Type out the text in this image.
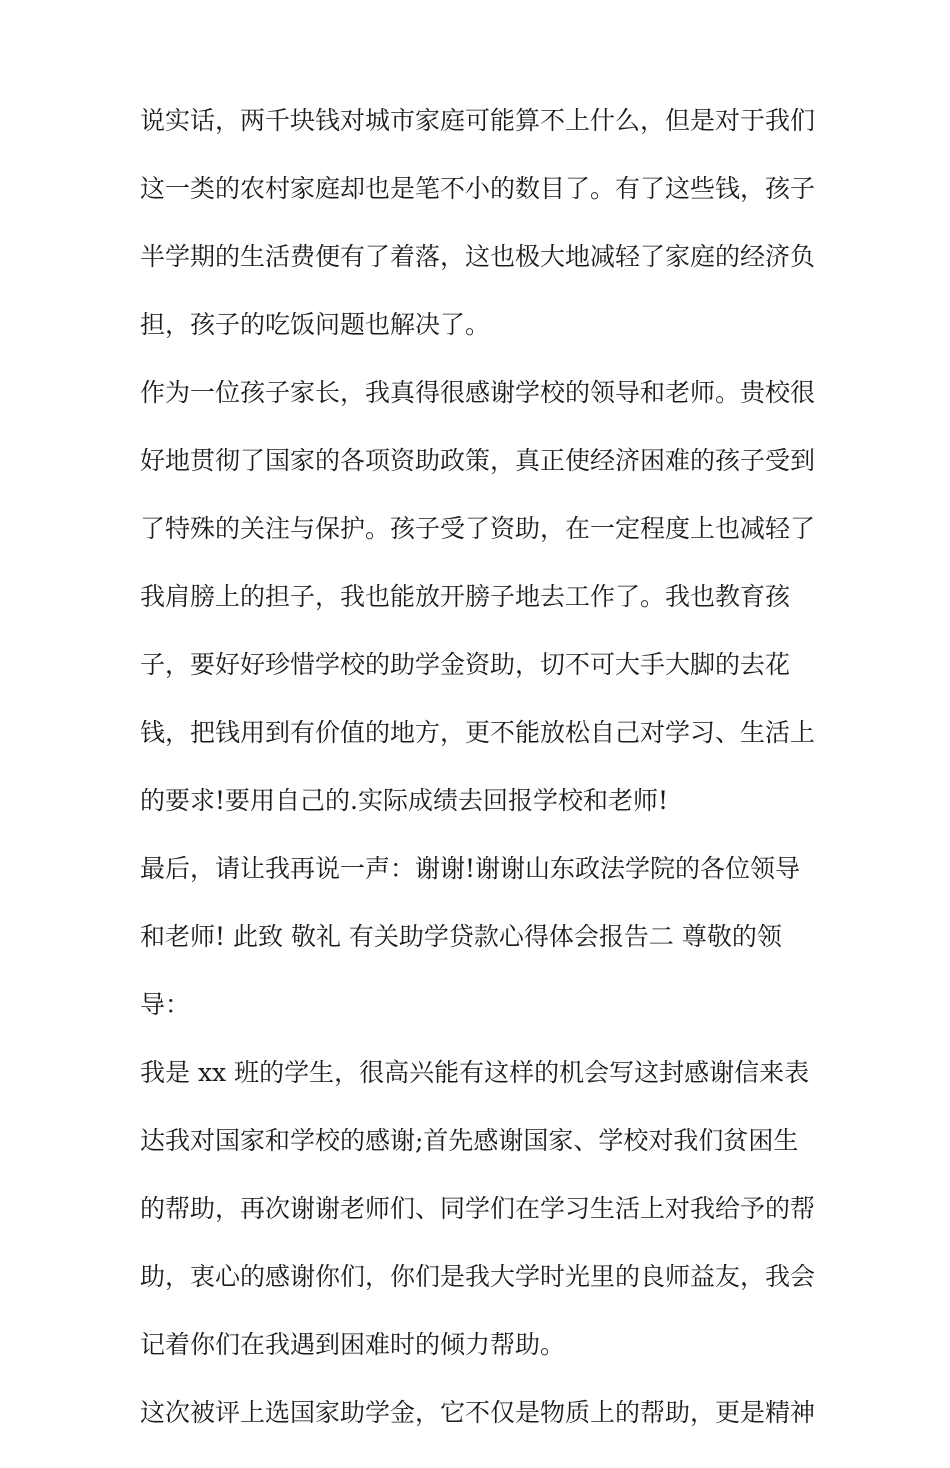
说实话，两千块钱对城市家庭可能算不上什么，但是对于我们
这一类的农村家庭却也是笔不小的数目了。有了这些钱，孩子
半学期的生活费便有了着落，这也极大地减轻了家庭的经济负
担，孩子的吃饭问题也解决了。
作为一位孩子家长，我真得很感谢学校的领导和老师。贵校很
好地贯彻了国家的各项资助政策，真正使经济困难的孩子受到
了特殊的关注与保护。孩子受了资助，在一定程度上也减轻了
我肩膀上的担子，我也能放开膀子地去工作了。我也教育孩
子，要好好珍惜学校的助学金资助，切不可大手大脚的去花
钱，把钱用到有价值的地方，更不能放松自己对学习、生活上
的要求!要用自己的.实际成绩去回报学校和老师!
最后，请让我再说一声：谢谢!谢谢山东政法学院的各位领导
和老师! 此致 敬礼 有关助学贷款心得体会报告二 尊敬的领
导：
我是 xx 班的学生，很高兴能有这样的机会写这封感谢信来表
达我对国家和学校的感谢;首先感谢国家、学校对我们贫困生
的帮助，再次谢谢老师们、同学们在学习生活上对我给予的帮
助，衷心的感谢你们，你们是我大学时光里的良师益友，我会
记着你们在我遇到困难时的倾力帮助。
这次被评上选国家助学金，它不仅是物质上的帮助，更是精神
